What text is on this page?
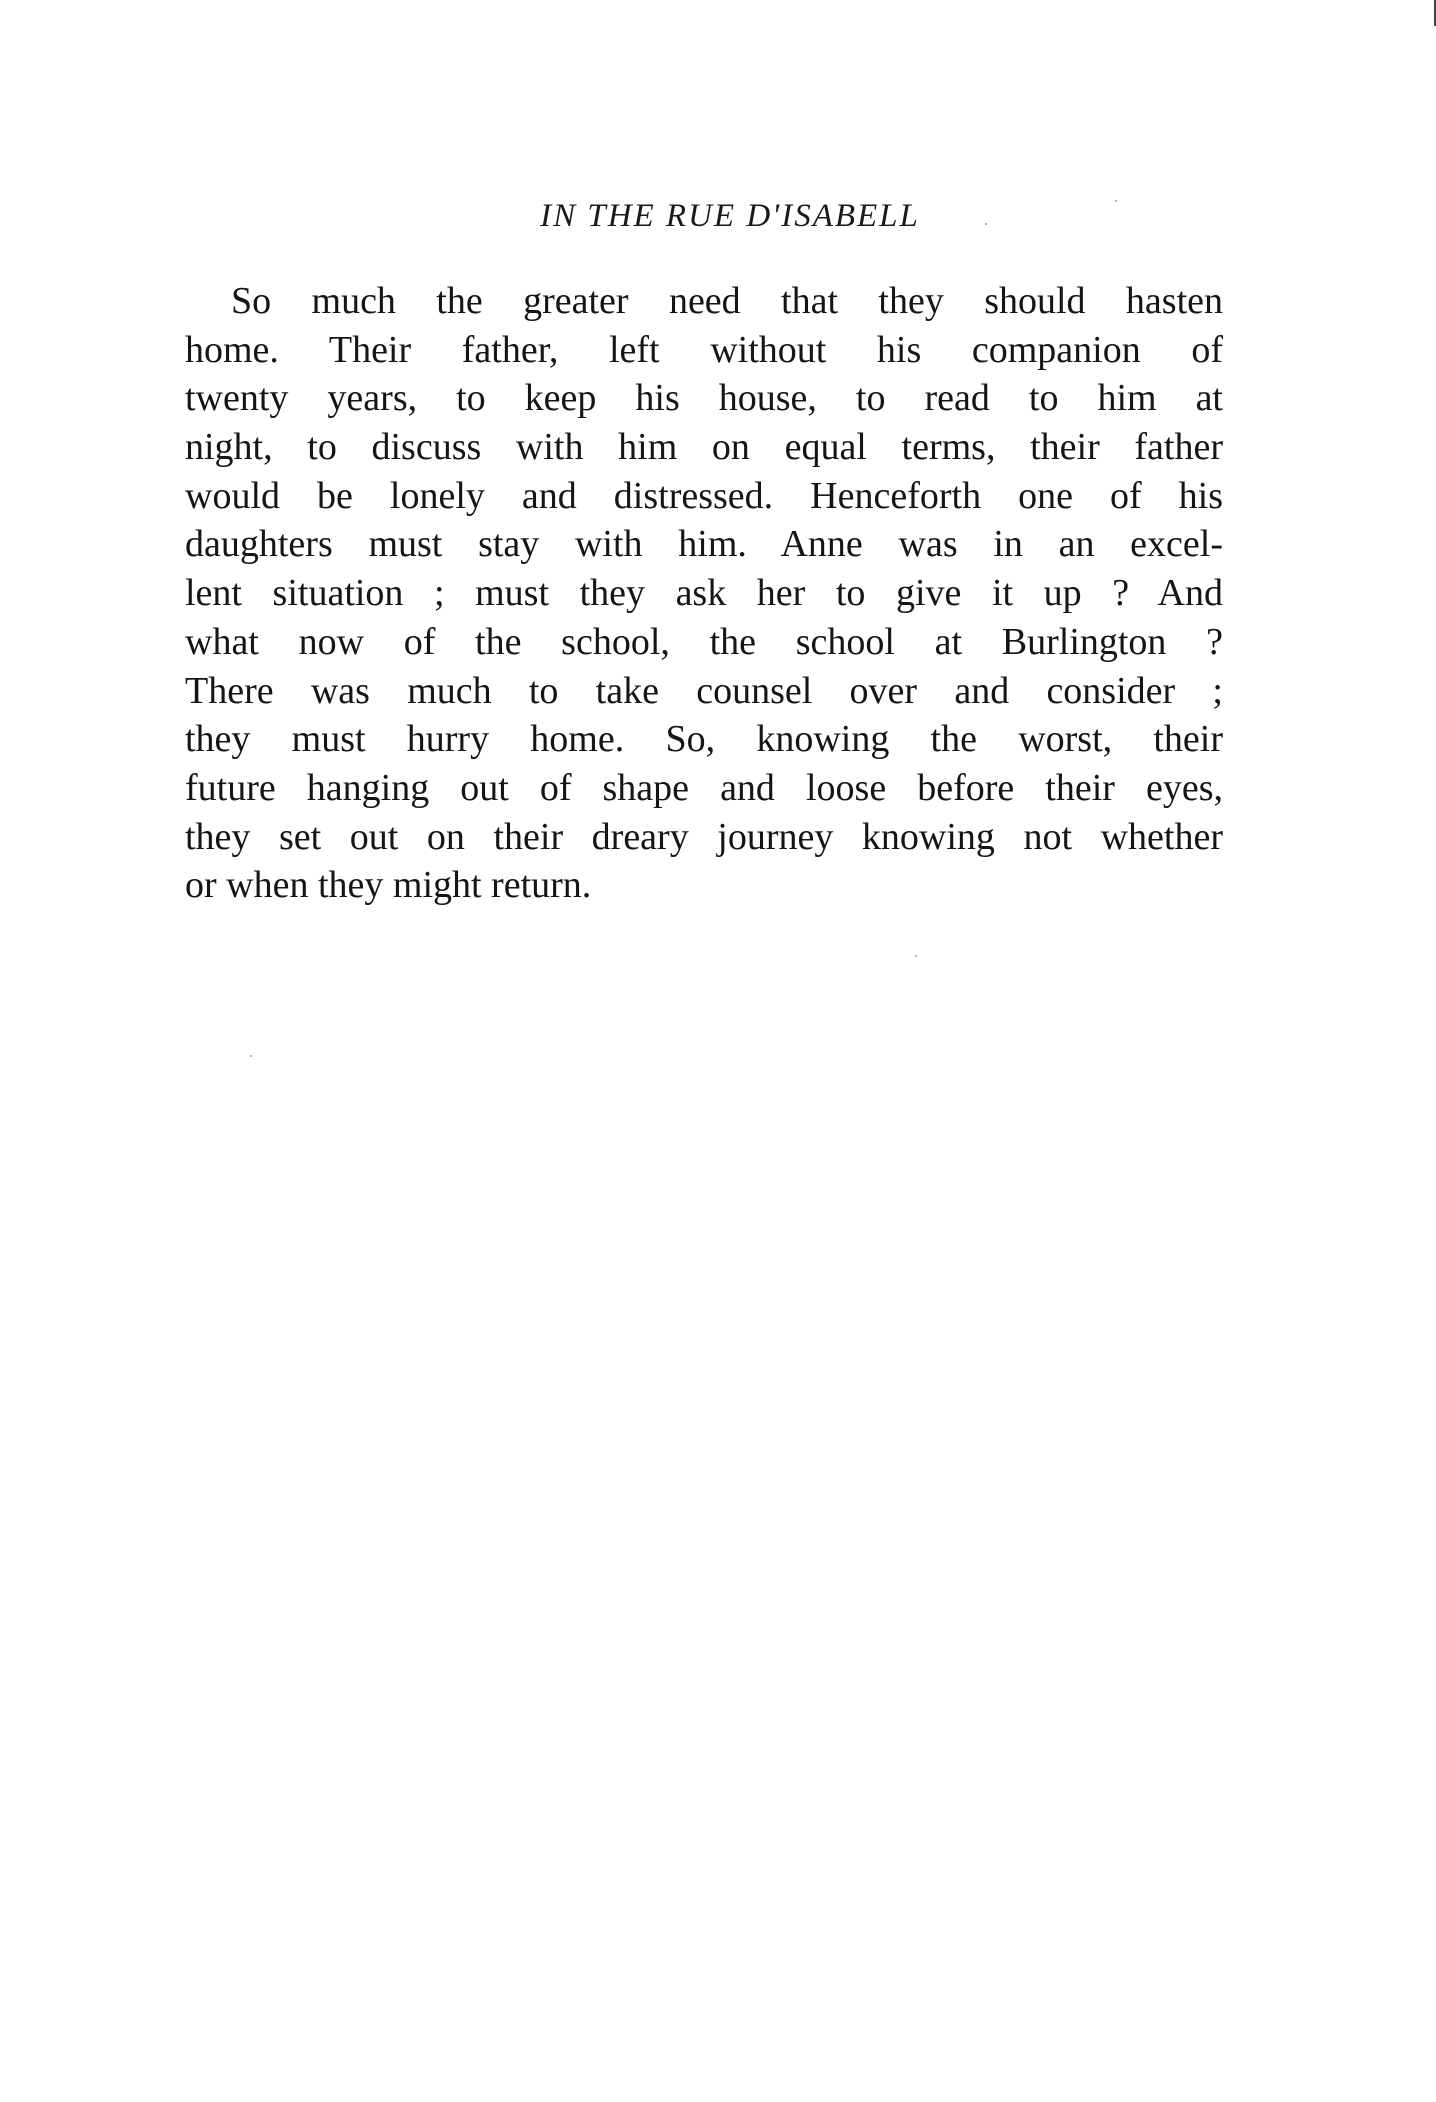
IN THE RUE D'ISABELL
So much the greater need that they should hasten
home. Their father, left without his companion of
twenty years, to keep his house, to read to him at
night, to discuss with him on equal terms, their father
would be lonely and distressed. Henceforth one of his
daughters must stay with him. Anne was in an excel-
lent situation ; must they ask her to give it up ? And
what now of the school, the school at Burlington ?
There was much to take counsel over and consider ;
they must hurry home. So, knowing the worst, their
future hanging out of shape and loose before their eyes,
they set out on their dreary journey knowing not whether
or when they might return.
